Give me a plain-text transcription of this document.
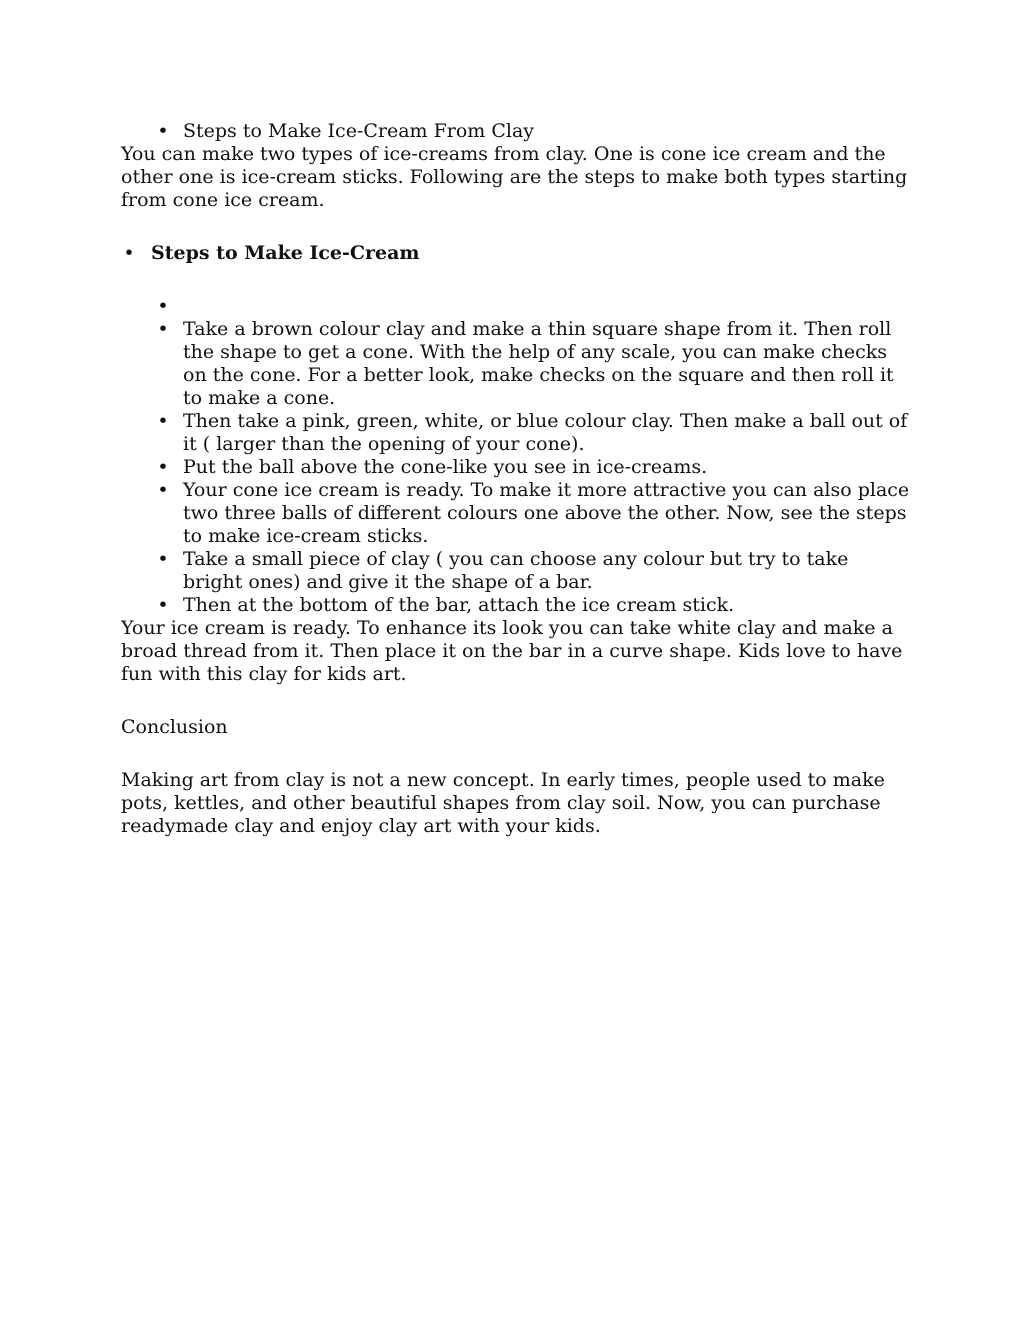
• Steps to Make Ice-Cream From Clay

You can make two types of ice-creams from clay. One is cone ice cream and the other one is ice-cream sticks. Following are the steps to make both types starting from cone ice cream.

• Steps to Make Ice-Cream
•
• Take a brown colour clay and make a thin square shape from it. Then roll the shape to get a cone. With the help of any scale, you can make checks on the cone. For a better look, make checks on the square and then roll it to make a cone.
• Then take a pink, green, white, or blue colour clay. Then make a ball out of it ( larger than the opening of your cone).
• Put the ball above the cone-like you see in ice-creams.
• Your cone ice cream is ready. To make it more attractive you can also place two three balls of different colours one above the other. Now, see the steps to make ice-cream sticks.
• Take a small piece of clay ( you can choose any colour but try to take bright ones) and give it the shape of a bar.
• Then at the bottom of the bar, attach the ice cream stick.

Your ice cream is ready. To enhance its look you can take white clay and make a broad thread from it. Then place it on the bar in a curve shape. Kids love to have fun with this clay for kids art.

Conclusion

Making art from clay is not a new concept. In early times, people used to make pots, kettles, and other beautiful shapes from clay soil. Now, you can purchase readymade clay and enjoy clay art with your kids.
